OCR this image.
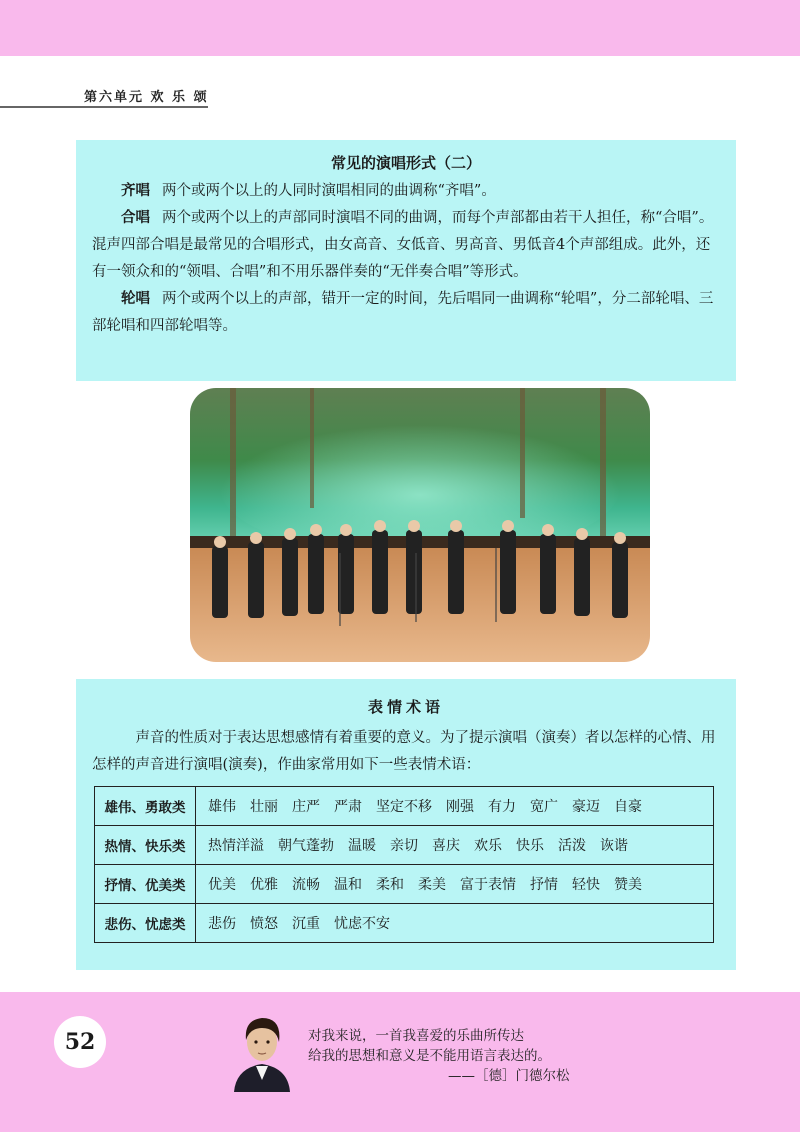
第六单元 欢 乐 颂
常见的演唱形式（二）

齐唱 两个或两个以上的人同时演唱相同的曲调称“齐唱”。

合唱 两个或两个以上的声部同时演唱不同的曲调，而每个声部都由若干人担任，称“合唱”。混声四部合唱是最常见的合唱形式，由女高音、女低音、男高音、男低音4个声部组成。此外，还有一领众和的“领唱、合唱”和不用乐器伴奏的“无伴奏合唱”等形式。

轮唱 两个或两个以上的声部，错开一定的时间，先后唱同一曲调称“轮唱”，分二部轮唱、三部轮唱和四部轮唱等。

表情术语

声音的性质对于表达思想感情有着重要的意义。为了提示演唱（演奏）者以怎样的心情、用怎样的声音进行演唱(演奏)，作曲家常用如下一些表情术语：

雄伟、勇敢类	雄伟 壮丽 庄严 严肃 坚定不移 刚强 有力 宽广 豪迈 自豪
热情、快乐类	热情洋溢 朝气蓬勃 温暖 亲切 喜庆 欢乐 快乐 活泼 诙谐
抒情、优美类	优美 优雅 流畅 温和 柔和 柔美 富于表情 抒情 轻快 赞美
悲伤、忧虑类	悲伤 愤怒 沉重 忧虑不安
52	对我来说，一首我喜爱的乐曲所传达
给我的思想和意义是不能用语言表达的。
——［德］门德尔松
